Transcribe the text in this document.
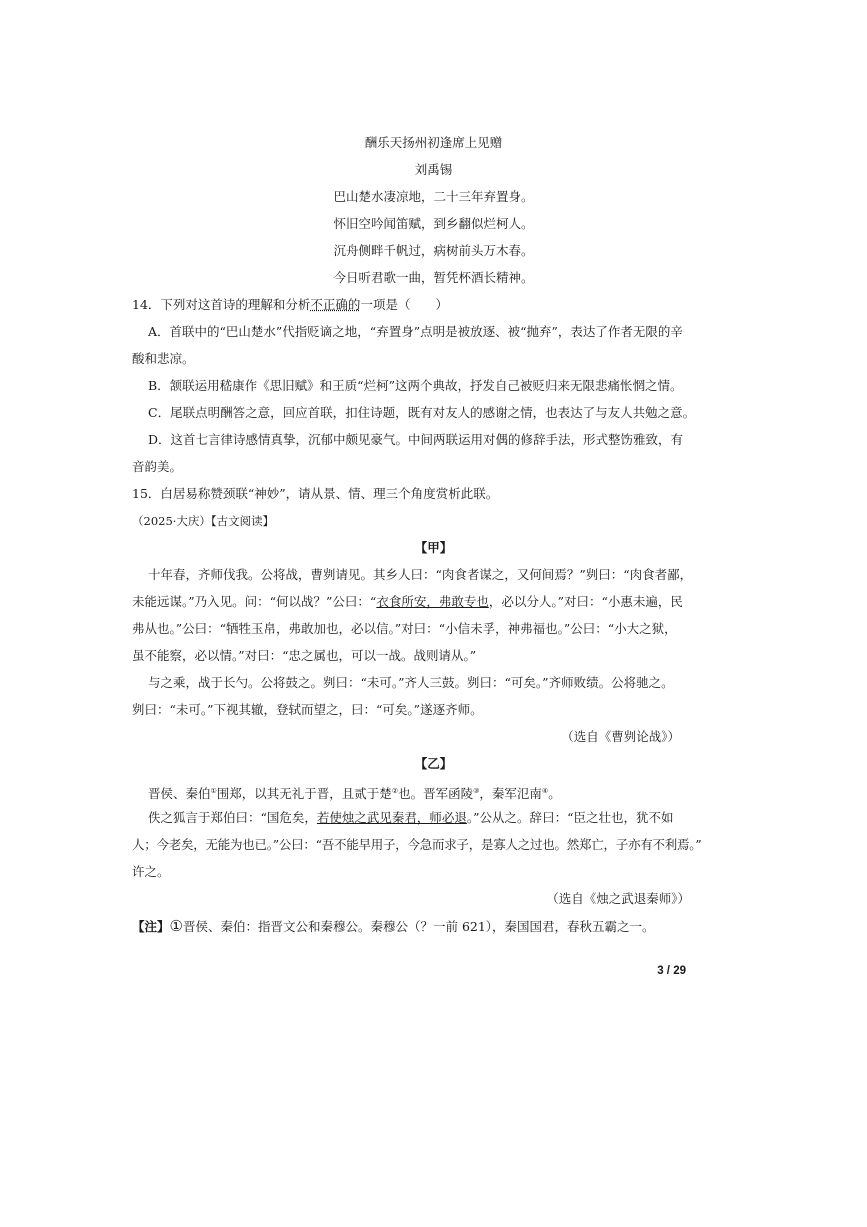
酬乐天扬州初逢席上见赠
刘禹锡
巴山楚水凄凉地，二十三年弃置身。
怀旧空吟闻笛赋，到乡翻似烂柯人。
沉舟侧畔千帆过，病树前头万木春。
今日听君歌一曲，暂凭杯酒长精神。
14．下列对这首诗的理解和分析不正确的一项是（　　）
A．首联中的“巴山楚水”代指贬谪之地，“弃置身”点明是被放逐、被“抛弃”，表达了作者无限的辛
酸和悲凉。
B．颔联运用嵇康作《思旧赋》和王质“烂柯”这两个典故，抒发自己被贬归来无限悲痛怅惘之情。
C．尾联点明酬答之意，回应首联，扣住诗题，既有对友人的感谢之情，也表达了与友人共勉之意。
D．这首七言律诗感情真挚，沉郁中颇见豪气。中间两联运用对偶的修辞手法，形式整饬雅致，有
音韵美。
15．白居易称赞颈联“神妙”，请从景、情、理三个角度赏析此联。
（2025·大庆）【古文阅读】
【甲】
十年春，齐师伐我。公将战，曹刿请见。其乡人曰：“肉食者谋之，又何间焉？”刿曰：“肉食者鄙，
未能远谋。”乃入见。问：“何以战？”公曰：“衣食所安，弗敢专也，必以分人。”对曰：“小惠未遍，民
弗从也。”公曰：“牺牲玉帛，弗敢加也，必以信。”对曰：“小信未孚，神弗福也。”公曰：“小大之狱，
虽不能察，必以情。”对曰：“忠之属也，可以一战。战则请从。”
与之乘，战于长勺。公将鼓之。刿曰：“未可。”齐人三鼓。刿曰：“可矣。”齐师败绩。公将驰之。
刿曰：“未可。”下视其辙，登轼而望之，曰：“可矣。”遂逐齐师。
（选自《曹刿论战》）
【乙】
晋侯、秦伯①围郑，以其无礼于晋，且贰于楚②也。晋军函陵③，秦军氾南④。
佚之狐言于郑伯曰：“国危矣，若使烛之武见秦君，师必退。”公从之。辞曰：“臣之壮也，犹不如
人；今老矣，无能为也已。”公曰：“吾不能早用子，今急而求子，是寡人之过也。然郑亡，子亦有不利焉。”
许之。
（选自《烛之武退秦师》）
【注】①晋侯、秦伯：指晋文公和秦穆公。秦穆公（？一前 621），秦国国君，春秋五霸之一。
3 / 29
